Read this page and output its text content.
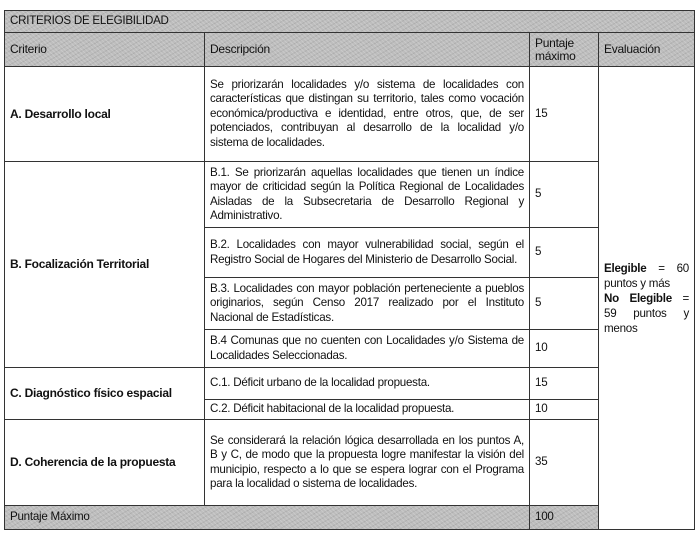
CRITERIOS DE ELEGIBILIDAD				
Criterio	Descripción	Puntaje máximo	Evaluación	
A. Desarrollo local	Se priorizarán localidades y/o sistema de localidades con características que distingan su territorio, tales como vocación económica/productiva e identidad, entre otros, que, de ser potenciados, contribuyan al desarrollo de la localidad y/o sistema de localidades.	15	Elegible = 60 puntos y más
No Elegible = 59 puntos y menos	
B. Focalización Territorial	B.1. Se priorizarán aquellas localidades que tienen un índice mayor de criticidad según la Política Regional de Localidades Aisladas de la Subsecretaria de Desarrollo Regional y Administrativo.	5		
	B.2. Localidades con mayor vulnerabilidad social, según el Registro Social de Hogares del Ministerio de Desarrollo Social.	5		
	B.3. Localidades con mayor población perteneciente a pueblos originarios, según Censo 2017 realizado por el Instituto Nacional de Estadísticas.	5		
	B.4 Comunas que no cuenten con Localidades y/o Sistema de Localidades Seleccionadas.	10		
C. Diagnóstico físico espacial	C.1. Déficit urbano de la localidad propuesta.	15		
	C.2. Déficit habitacional de la localidad propuesta.	10		
D. Coherencia de la propuesta	Se considerará la relación lógica desarrollada en los puntos A, B y C, de modo que la propuesta logre manifestar la visión del municipio, respecto a lo que se espera lograr con el Programa para la localidad o sistema de localidades.	35		
Puntaje Máximo		100		
